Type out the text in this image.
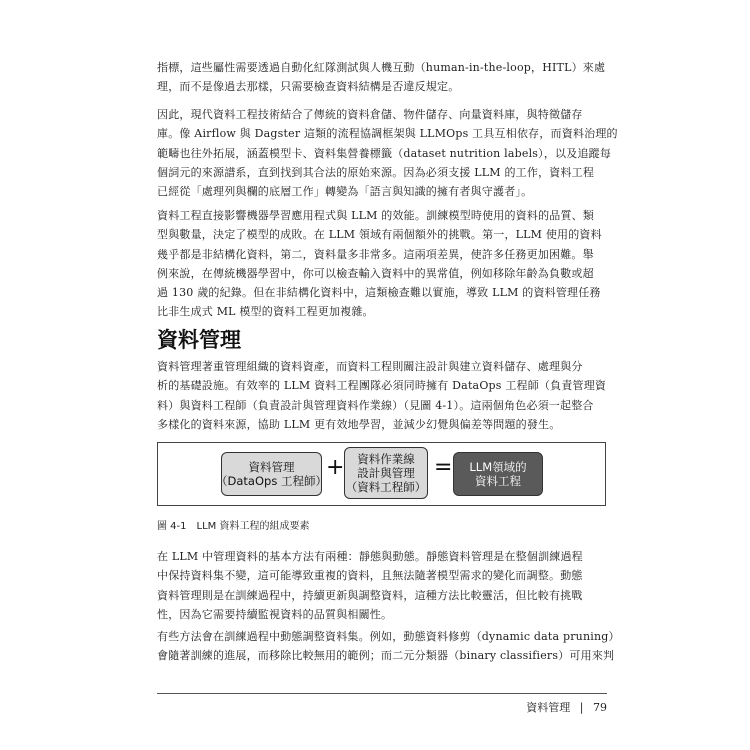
指標，這些屬性需要透過自動化紅隊測試與人機互動（human-in-the-loop，HITL）來處
理，而不是像過去那樣，只需要檢查資料結構是否違反規定。
因此，現代資料工程技術結合了傳統的資料倉儲、物件儲存、向量資料庫，與特徵儲存
庫。像 Airflow 與 Dagster 這類的流程協調框架與 LLMOps 工具互相依存，而資料治理的
範疇也往外拓展，涵蓋模型卡、資料集營養標籤（dataset nutrition labels），以及追蹤每
個詞元的來源譜系，直到找到其合法的原始來源。因為必須支援 LLM 的工作，資料工程
已經從「處理列與欄的底層工作」轉變為「語言與知識的擁有者與守護者」。
資料工程直接影響機器學習應用程式與 LLM 的效能。訓練模型時使用的資料的品質、類
型與數量，決定了模型的成敗。在 LLM 領域有兩個額外的挑戰。第一，LLM 使用的資料
幾乎都是非結構化資料，第二，資料量多非常多。這兩項差異，使許多任務更加困難。舉
例來說，在傳統機器學習中，你可以檢查輸入資料中的異常值，例如移除年齡為負數或超
過 130 歲的紀錄。但在非結構化資料中，這類檢查難以實施，導致 LLM 的資料管理任務
比非生成式 ML 模型的資料工程更加複雜。
資料管理
資料管理著重管理組織的資料資產，而資料工程則關注設計與建立資料儲存、處理與分
析的基礎設施。有效率的 LLM 資料工程團隊必須同時擁有 DataOps 工程師（負責管理資
料）與資料工程師（負責設計與管理資料作業線）（見圖 4-1）。這兩個角色必須一起整合
多樣化的資料來源，協助 LLM 更有效地學習，並減少幻覺與偏差等問題的發生。
資料管理
（DataOps 工程師）
+ 資料作業線
設計與管理
（資料工程師）
= LLM領域的
資料工程
圖 4-1　LLM 資料工程的組成要素
在 LLM 中管理資料的基本方法有兩種：靜態與動態。靜態資料管理是在整個訓練過程
中保持資料集不變，這可能導致重複的資料，且無法隨著模型需求的變化而調整。動態
資料管理則是在訓練過程中，持續更新與調整資料，這種方法比較靈活，但比較有挑戰
性，因為它需要持續監視資料的品質與相關性。
有些方法會在訓練過程中動態調整資料集。例如，動態資料修剪（dynamic data pruning）
會隨著訓練的進展，而移除比較無用的範例；而二元分類器（binary classifiers）可用來判
資料管理 | 79
